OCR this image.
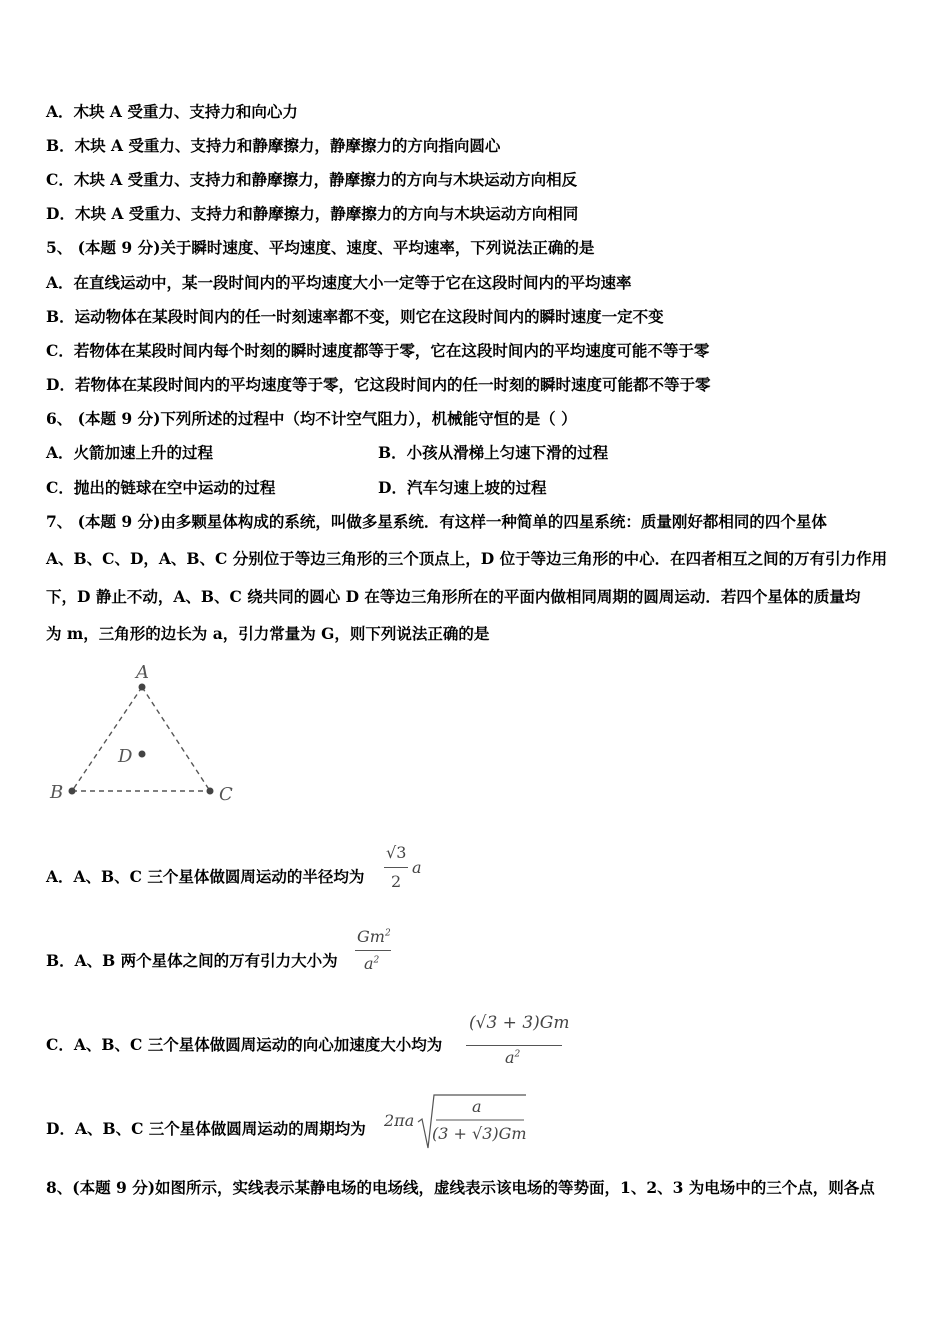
A．木块 A 受重力、支持力和向心力
B．木块 A 受重力、支持力和静摩擦力，静摩擦力的方向指向圆心
C．木块 A 受重力、支持力和静摩擦力，静摩擦力的方向与木块运动方向相反
D．木块 A 受重力、支持力和静摩擦力，静摩擦力的方向与木块运动方向相同
5、 (本题 9 分)关于瞬时速度、平均速度、速度、平均速率，下列说法正确的是
A．在直线运动中，某一段时间内的平均速度大小一定等于它在这段时间内的平均速率
B．运动物体在某段时间内的任一时刻速率都不变，则它在这段时间内的瞬时速度一定不变
C．若物体在某段时间内每个时刻的瞬时速度都等于零，它在这段时间内的平均速度可能不等于零
D．若物体在某段时间内的平均速度等于零，它这段时间内的任一时刻的瞬时速度可能都不等于零
6、 (本题 9 分)下列所述的过程中（均不计空气阻力），机械能守恒的是（ ）
A．火箭加速上升的过程	B．小孩从滑梯上匀速下滑的过程
C．抛出的链球在空中运动的过程	D．汽车匀速上坡的过程
7、 (本题 9 分)由多颗星体构成的系统，叫做多星系统．有这样一种简单的四星系统：质量刚好都相同的四个星体
A、B、C、D，A、B、C 分别位于等边三角形的三个顶点上，D 位于等边三角形的中心．在四者相互之间的万有引力作用
下，D 静止不动，A、B、C 绕共同的圆心 D 在等边三角形所在的平面内做相同周期的圆周运动．若四个星体的质量均
为 m，三角形的边长为 a，引力常量为 G，则下列说法正确的是
A
B	C
D
A．A、B、C 三个星体做圆周运动的半径均为
√3
2
a
B．A、B 两个星体之间的万有引力大小为
Gm$^2$
$a^2$
C．A、B、C 三个星体做圆周运动的向心加速度大小均为
(√3 + 3)Gm
$a^2$
D．A、B、C 三个星体做圆周运动的周期均为 2πa
a
(3 + √3)Gm
8、(本题 9 分)如图所示，实线表示某静电场的电场线，虚线表示该电场的等势面，1、2、3 为电场中的三个点，则各点
